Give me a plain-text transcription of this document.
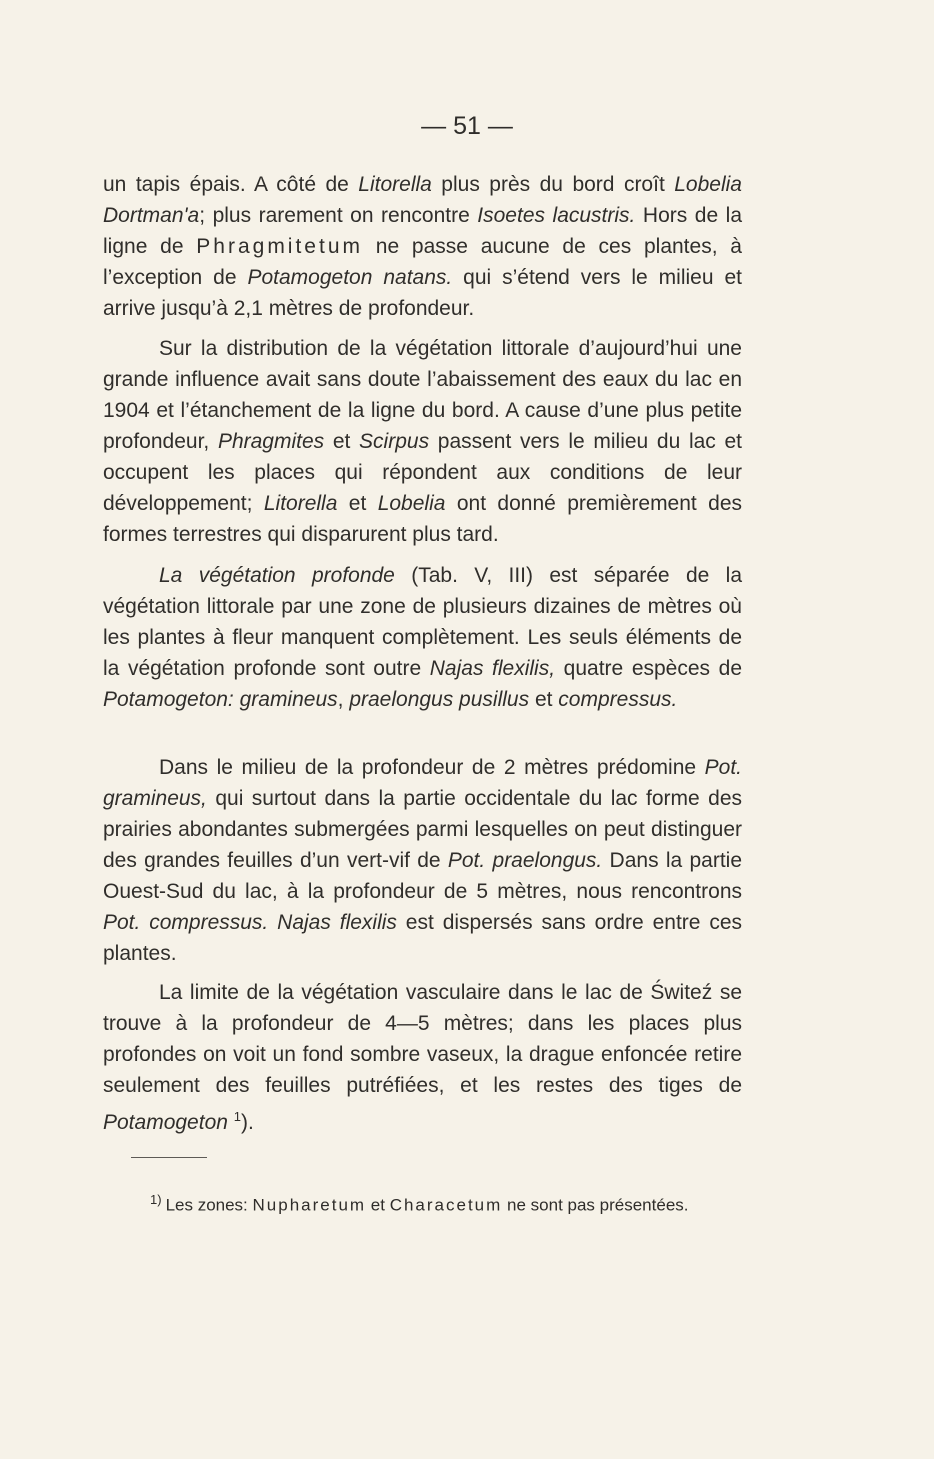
— 51 —
un tapis épais. A côté de Litorella plus près du bord croît Lobelia Dortman'a; plus rarement on rencontre Isoetes lacustris. Hors de la ligne de Phragmitetum ne passe aucune de ces plantes, à l’exception de Potamogeton natans. qui s’étend vers le milieu et arrive jusqu’à 2,1 mètres de profondeur.
Sur la distribution de la végétation littorale d’aujourd’hui une grande influence avait sans doute l’abaissement des eaux du lac en 1904 et l’étanchement de la ligne du bord. A cause d’une plus petite profondeur, Phragmites et Scirpus passent vers le milieu du lac et occupent les places qui répondent aux conditions de leur développement; Litorella et Lobelia ont donné premièrement des formes terrestres qui disparurent plus tard.
La végétation profonde (Tab. V, III) est séparée de la végétation littorale par une zone de plusieurs dizaines de mètres où les plantes à fleur manquent complètement. Les seuls éléments de la végétation profonde sont outre Najas flexilis, quatre espèces de Potamogeton: gramineus, praelongus pusillus et compressus.
Dans le milieu de la profondeur de 2 mètres prédomine Pot. gramineus, qui surtout dans la partie occidentale du lac forme des prairies abondantes submergées parmi lesquelles on peut distinguer des grandes feuilles d’un vert-vif de Pot. praelongus. Dans la partie Ouest-Sud du lac, à la profondeur de 5 mètres, nous rencontrons Pot. compressus. Najas flexilis est dispersés sans ordre entre ces plantes.
La limite de la végétation vasculaire dans le lac de Świteź se trouve à la profondeur de 4—5 mètres; dans les places plus profondes on voit un fond sombre vaseux, la drague enfoncée retire seulement des feuilles putréfiées, et les restes des tiges de Potamogeton $^1$).
$^{1)}$ Les zones: Nupharetum et Characetum ne sont pas présentées.
